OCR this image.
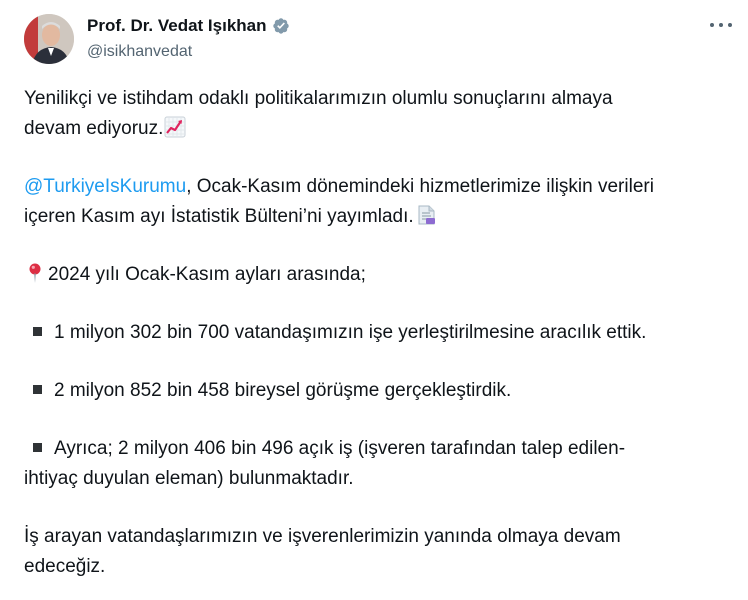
Prof. Dr. Vedat Işıkhan
@isikhanvedat

Yenilikçi ve istihdam odaklı politikalarımızın olumlu sonuçlarını almaya

devam ediyoruz.

@TurkiyeIsKurumu, Ocak-Kasım dönemindeki hizmetlerimize ilişkin verileri

içeren Kasım ayı İstatistik Bülteni’ni yayımladı.

2024 yılı Ocak-Kasım ayları arasında;

1 milyon 302 bin 700 vatandaşımızın işe yerleştirilmesine aracılık ettik.

2 milyon 852 bin 458 bireysel görüşme gerçekleştirdik.

Ayrıca; 2 milyon 406 bin 496 açık iş (işveren tarafından talep edilen-

ihtiyaç duyulan eleman) bulunmaktadır.

İş arayan vatandaşlarımızın ve işverenlerimizin yanında olmaya devam

edeceğiz.
